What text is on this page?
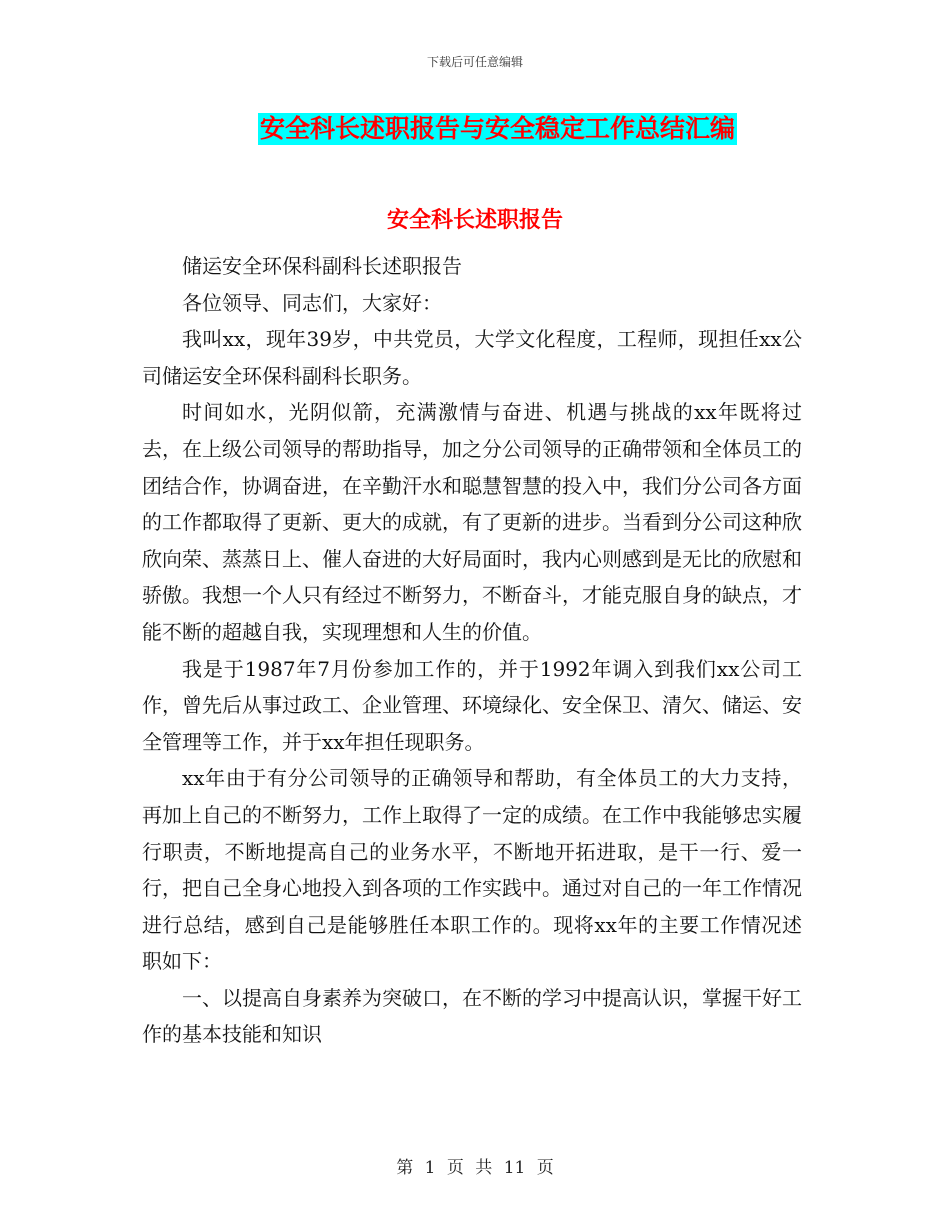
下载后可任意编辑
安全科长述职报告与安全稳定工作总结汇编
安全科长述职报告

储运安全环保科副科长述职报告

各位领导、同志们，大家好：

我叫xx，现年39岁，中共党员，大学文化程度，工程师，现担任xx公司储运安全环保科副科长职务。

时间如水，光阴似箭，充满激情与奋进、机遇与挑战的xx年既将过去，在上级公司领导的帮助指导，加之分公司领导的正确带领和全体员工的团结合作，协调奋进，在辛勤汗水和聪慧智慧的投入中，我们分公司各方面的工作都取得了更新、更大的成就，有了更新的进步。当看到分公司这种欣欣向荣、蒸蒸日上、催人奋进的大好局面时，我内心则感到是无比的欣慰和骄傲。我想一个人只有经过不断努力，不断奋斗，才能克服自身的缺点，才能不断的超越自我，实现理想和人生的价值。

我是于1987年7月份参加工作的，并于1992年调入到我们xx公司工作，曾先后从事过政工、企业管理、环境绿化、安全保卫、清欠、储运、安全管理等工作，并于xx年担任现职务。

xx年由于有分公司领导的正确领导和帮助，有全体员工的大力支持，再加上自己的不断努力，工作上取得了一定的成绩。在工作中我能够忠实履行职责，不断地提高自己的业务水平，不断地开拓进取，是干一行、爱一行，把自己全身心地投入到各项的工作实践中。通过对自己的一年工作情况进行总结，感到自己是能够胜任本职工作的。现将xx年的主要工作情况述职如下：

一、以提高自身素养为突破口，在不断的学习中提高认识，掌握干好工作的基本技能和知识

第 1 页 共 11 页
